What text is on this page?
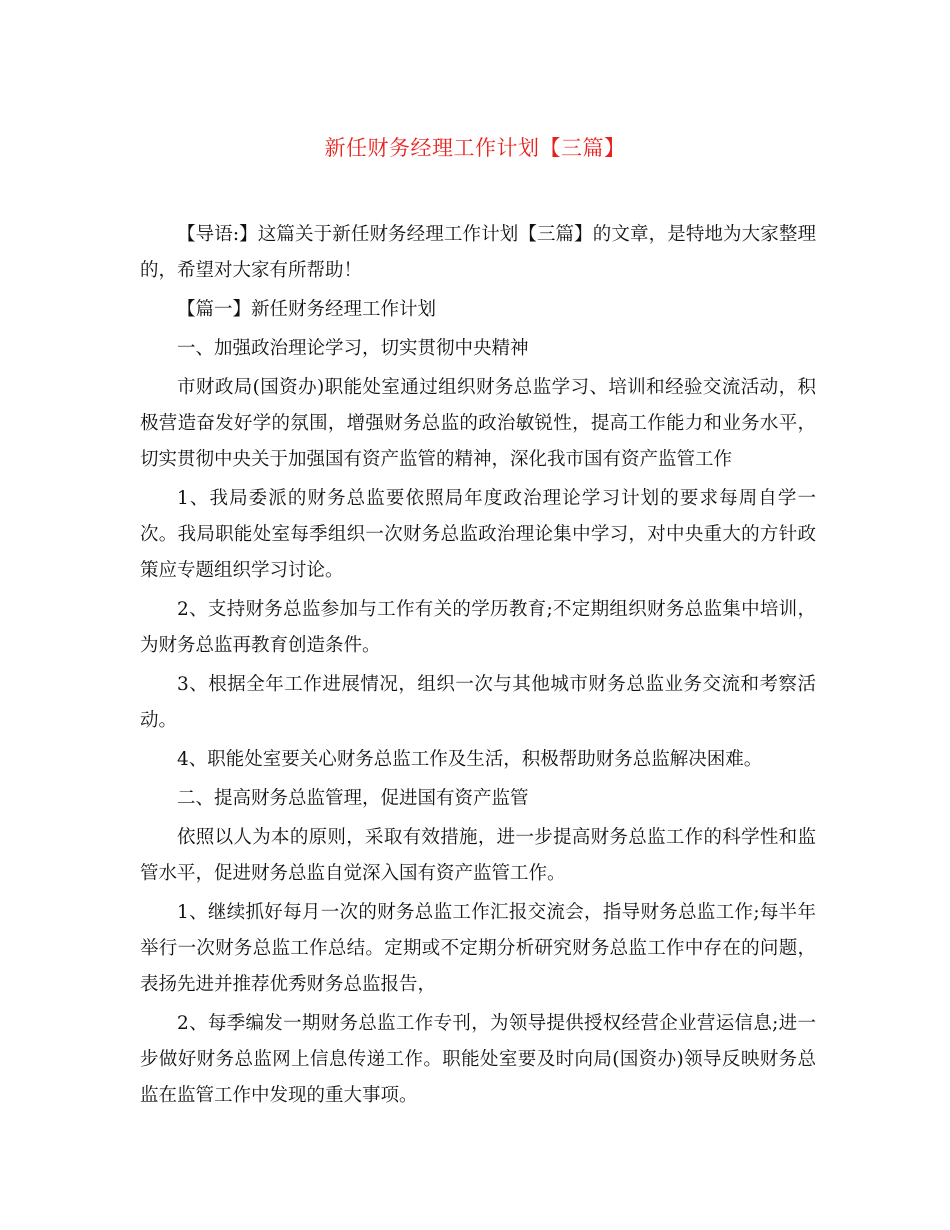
新任财务经理工作计划【三篇】

【导语:】这篇关于新任财务经理工作计划【三篇】的文章，是特地为大家整理的，希望对大家有所帮助！

【篇一】新任财务经理工作计划

一、加强政治理论学习，切实贯彻中央精神

市财政局(国资办)职能处室通过组织财务总监学习、培训和经验交流活动，积极营造奋发好学的氛围，增强财务总监的政治敏锐性，提高工作能力和业务水平，切实贯彻中央关于加强国有资产监管的精神，深化我市国有资产监管工作

1、我局委派的财务总监要依照局年度政治理论学习计划的要求每周自学一次。我局职能处室每季组织一次财务总监政治理论集中学习，对中央重大的方针政策应专题组织学习讨论。

2、支持财务总监参加与工作有关的学历教育;不定期组织财务总监集中培训，为财务总监再教育创造条件。

3、根据全年工作进展情况，组织一次与其他城市财务总监业务交流和考察活动。

4、职能处室要关心财务总监工作及生活，积极帮助财务总监解决困难。

二、提高财务总监管理，促进国有资产监管

依照以人为本的原则，采取有效措施，进一步提高财务总监工作的科学性和监管水平，促进财务总监自觉深入国有资产监管工作。

1、继续抓好每月一次的财务总监工作汇报交流会，指导财务总监工作;每半年举行一次财务总监工作总结。定期或不定期分析研究财务总监工作中存在的问题，表扬先进并推荐优秀财务总监报告，

2、每季编发一期财务总监工作专刊，为领导提供授权经营企业营运信息;进一步做好财务总监网上信息传递工作。职能处室要及时向局(国资办)领导反映财务总监在监管工作中发现的重大事项。
